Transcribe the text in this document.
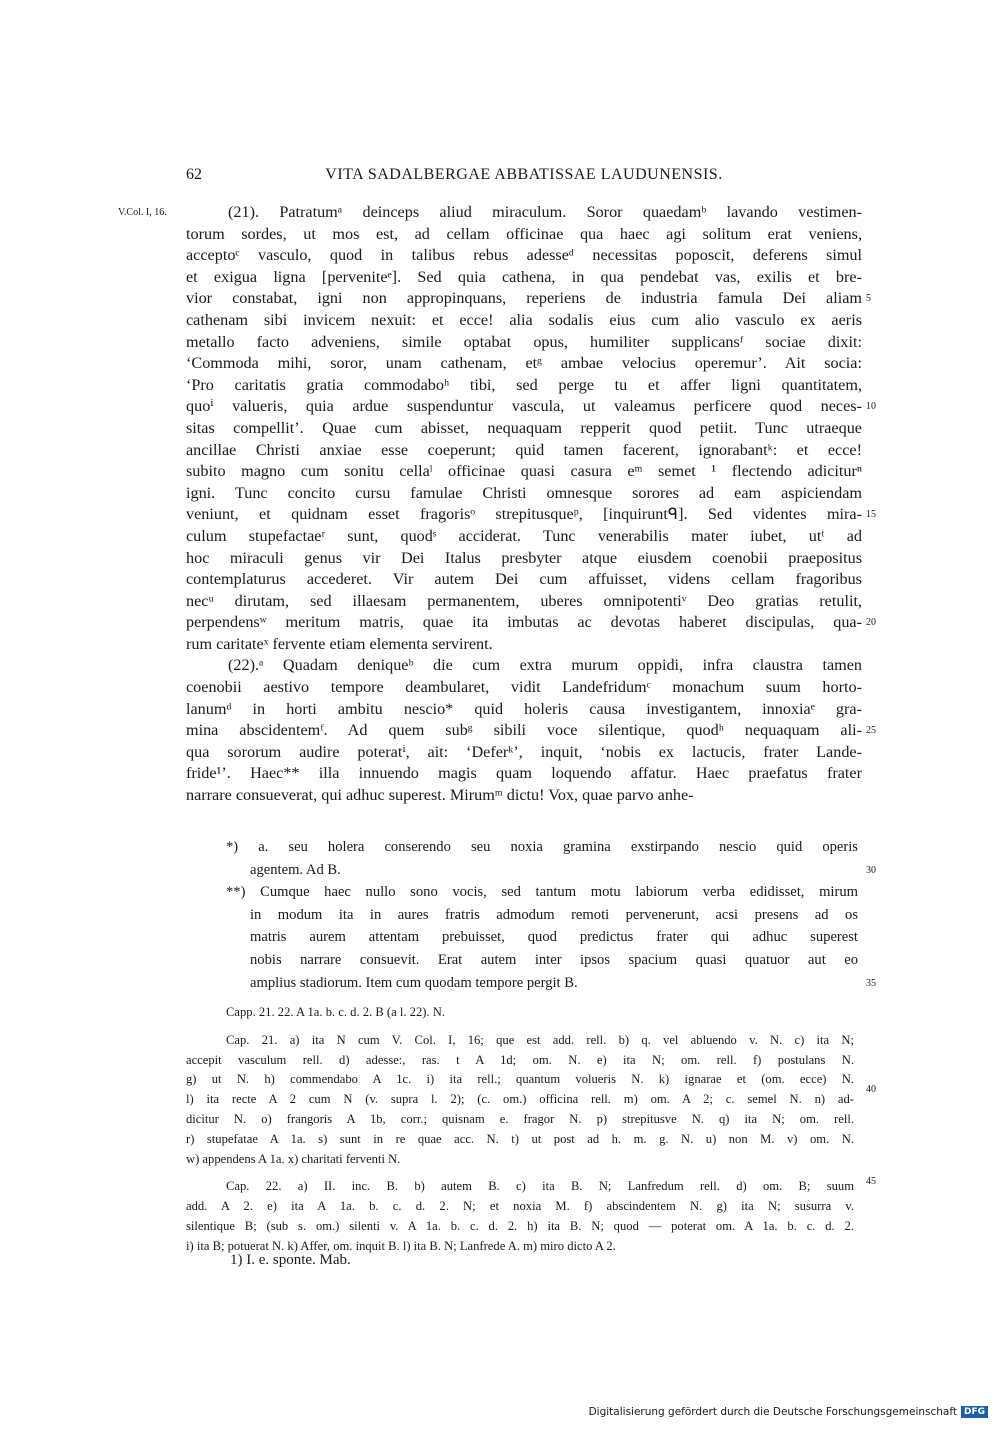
62	VITA SADALBERGAE ABBATISSAE LAUDUNENSIS.
V.Col. I, 16.	(21). Patratumᵃ deinceps aliud miraculum. Soror quaedamᵇ lavando vestimen-
torum sordes, ut mos est, ad cellam officinae qua haec agi solitum erat veniens,
acceptoᶜ vasculo, quod in talibus rebus adesseᵈ necessitas poposcit, deferens simul
et exigua ligna [perveniteᵉ]. Sed quia cathena, in qua pendebat vas, exilis et bre-
vior constabat, igni non appropinquans, reperiens de industria famula Dei aliam
cathenam sibi invicem nexuit: et ecce! alia sodalis eius cum alio vasculo ex aeris
metallo facto adveniens, simile optabat opus, humiliter supplicansᶠ sociae dixit:
‘Commoda mihi, soror, unam cathenam, etᵍ ambae velocius operemur’. Ait socia:
‘Pro caritatis gratia commodaboʰ tibi, sed perge tu et affer ligni quantitatem,
quoⁱ valueris, quia ardue suspenduntur vascula, ut valeamus perficere quod neces-
sitas compellit’. Quae cum abisset, nequaquam repperit quod petiit. Tunc utraeque
ancillae Christi anxiae esse coeperunt; quid tamen facerent, ignorabantᵏ: et ecce!
subito magno cum sonitu cellaˡ officinae quasi casura eᵐ semet ¹ flectendo adiciturⁿ
igni. Tunc concito cursu famulae Christi omnesque sorores ad eam aspiciendam
veniunt, et quidnam esset fragorisᵒ strepitusqueᵖ, [inquiruntᑫ]. Sed videntes mira-
culum stupefactaeʳ sunt, quodˢ acciderat. Tunc venerabilis mater iubet, utᵗ ad
hoc miraculi genus vir Dei Italus presbyter atque eiusdem coenobii praepositus
contemplaturus accederet. Vir autem Dei cum affuisset, videns cellam fragoribus
necᵘ dirutam, sed illaesam permanentem, uberes omnipotentiᵛ Deo gratias retulit,
perpendensʷ meritum matris, quae ita imbutas ac devotas haberet discipulas, qua-
rum caritateˣ fervente etiam elementa servirent.
(22).ᵃ Quadam deniqueᵇ die cum extra murum oppidi, infra claustra tamen
coenobii aestivo tempore deambularet, vidit Landefridumᶜ monachum suum horto-
lanumᵈ in horti ambitu nescio* quid holeris causa investigantem, innoxiaᵉ gra-
mina abscidentemᶠ. Ad quem subᵍ sibili voce silentique, quodʰ nequaquam ali-
qua sororum audire poteratⁱ, ait: ‘Deferᵏ’, inquit, ‘nobis ex lactucis, frater Lande-
fride¹’. Haec** illa innuendo magis quam loquendo affatur. Haec praefatus frater
narrare consueverat, qui adhuc superest. Mirumᵐ dictu! Vox, quae parvo anhe-
5
10
15
20
25
*) a. seu holera conserendo seu noxia gramina exstirpando nescio quid operis
agentem. Ad B.
**) Cumque haec nullo sono vocis, sed tantum motu labiorum verba edidisset, mirum
in modum ita in aures fratris admodum remoti pervenerunt, acsi presens ad os
matris aurem attentam prebuisset, quod predictus frater qui adhuc superest
nobis narrare consuevit. Erat autem inter ipsos spacium quasi quatuor aut eo
amplius stadiorum. Item cum quodam tempore pergit B.
30
35
Capp. 21. 22. A 1a. b. c. d. 2. B (a l. 22). N.
Cap. 21. a) ita N cum V. Col. I, 16; que est add. rell. b) q. vel abluendo v. N. c) ita N;
accepit vasculum rell. d) adesse:, ras. t A 1d; om. N. e) ita N; om. rell. f) postulans N.
g) ut N. h) commendabo A 1c. i) ita rell.; quantum volueris N. k) ignarae et (om. ecce) N.
l) ita recte A 2 cum N (v. supra l. 2); (c. om.) officina rell. m) om. A 2; c. semel N. n) ad-
dicitur N. o) frangoris A 1b, corr.; quisnam e. fragor N. p) strepitusve N. q) ita N; om. rell.
r) stupefatae A 1a. s) sunt in re quae acc. N. t) ut post ad h. m. g. N. u) non M. v) om. N.
w) appendens A 1a. x) charitati ferventi N.
Cap. 22. a) II. inc. B. b) autem B. c) ita B. N; Lanfredum rell. d) om. B; suum
add. A 2. e) ita A 1a. b. c. d. 2. N; et noxia M. f) abscindentem N. g) ita N; susurra v.
silentique B; (sub s. om.) silenti v. A 1a. b. c. d. 2. h) ita B. N; quod — poterat om. A 1a. b. c. d. 2.
i) ita B; potuerat N. k) Affer, om. inquit B. l) ita B. N; Lanfrede A. m) miro dicto A 2.
40
45
1) I. e. sponte. Mab.
Digitalisierung gefördert durch die Deutsche Forschungsgemeinschaft DFG
